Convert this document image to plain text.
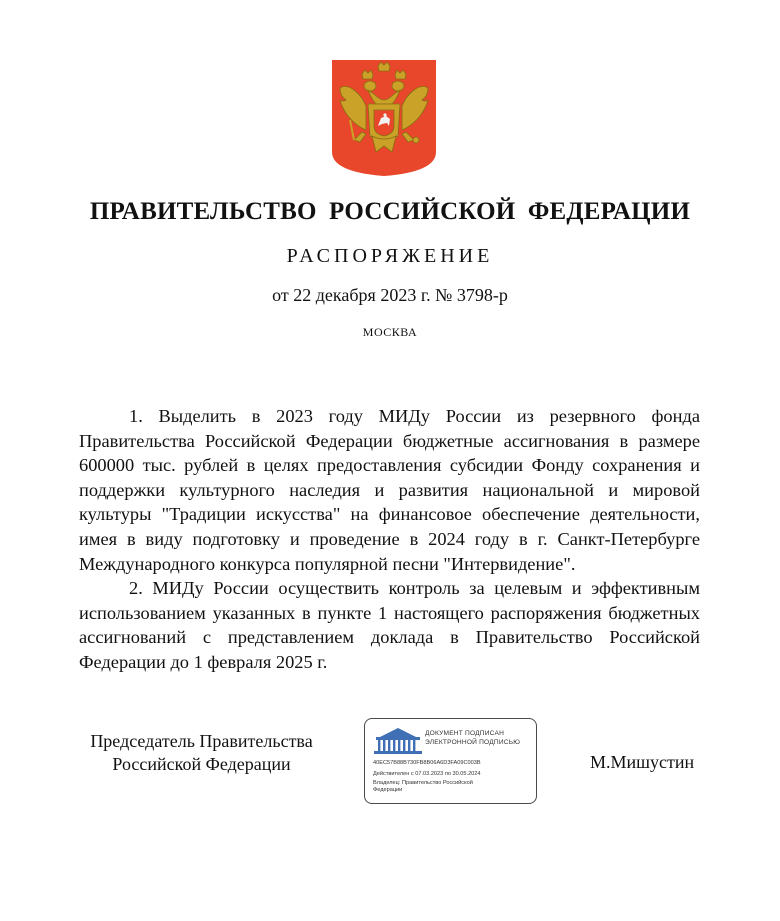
ПРАВИТЕЛЬСТВО РОССИЙСКОЙ ФЕДЕРАЦИИ
РАСПОРЯЖЕНИЕ
от 22 декабря 2023 г. № 3798-р
МОСКВА

1. Выделить в 2023 году МИДу России из резервного фонда Правительства Российской Федерации бюджетные ассигнования в размере 600000 тыс. рублей в целях предоставления субсидии Фонду сохранения и поддержки культурного наследия и развития национальной и мировой культуры "Традиции искусства" на финансовое обеспечение деятельности, имея в виду подготовку и проведение в 2024 году в г. Санкт-Петербурге Международного конкурса популярной песни "Интервидение".

2. МИДу России осуществить контроль за целевым и эффективным использованием указанных в пункте 1 настоящего распоряжения бюджетных ассигнований с представлением доклада в Правительство Российской Федерации до 1 февраля 2025 г.

Председатель Правительства
Российской Федерации
ДОКУМЕНТ ПОДПИСАН
ЭЛЕКТРОННОЙ ПОДПИСЬЮ
40EC57B88B730FB8B06A6D3FA09C003B
Действителен с 07.03.2023 по 30.05.2024
Владелец: Правительство Российской Федерации
М.Мишустин
